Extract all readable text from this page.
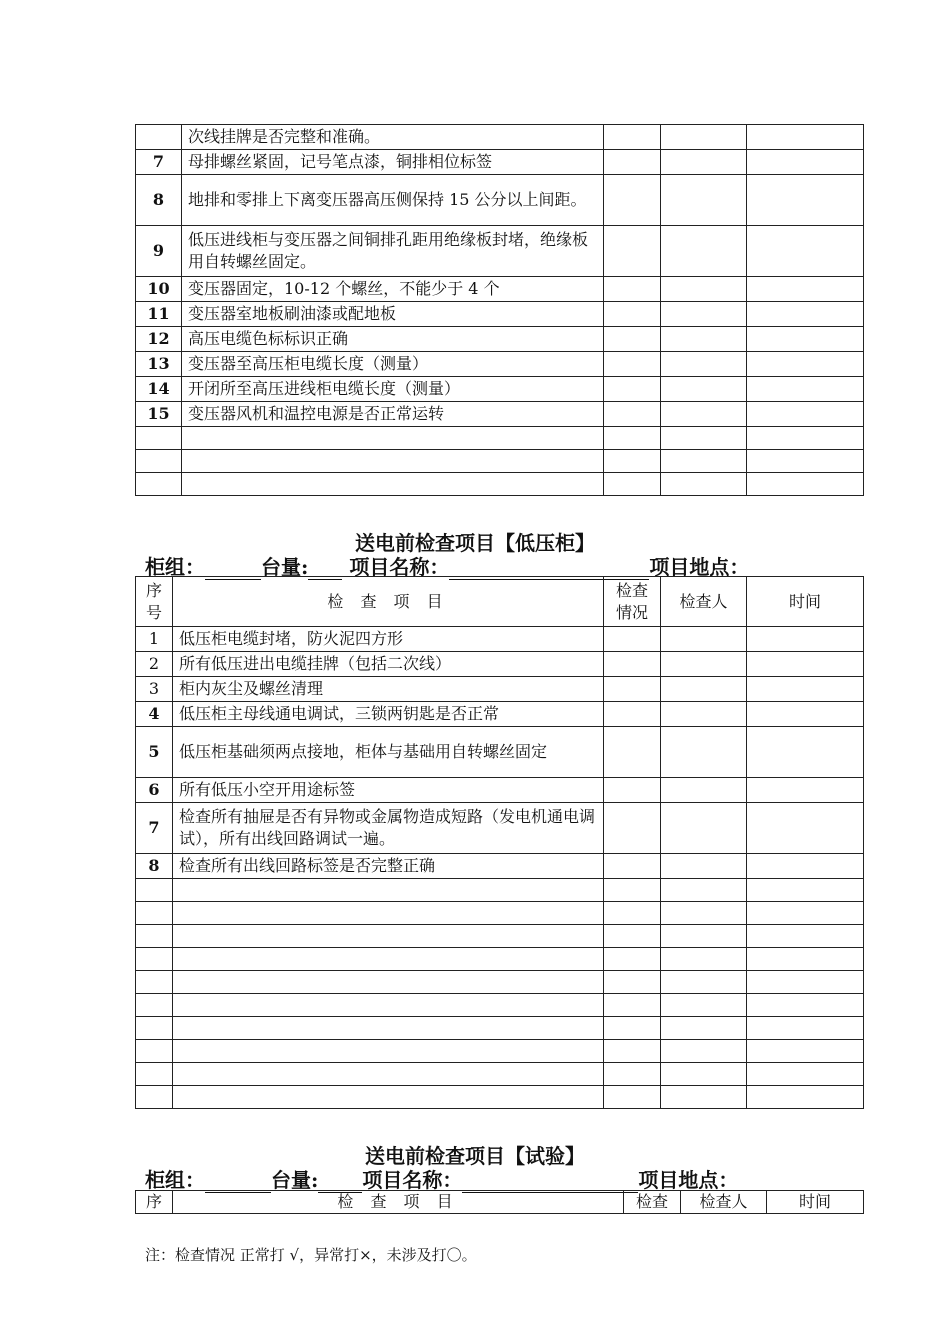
	次线挂牌是否完整和准确。			
7	母排螺丝紧固，记号笔点漆，铜排相位标签			
8	地排和零排上下离变压器高压侧保持 15 公分以上间距。			
9	低压进线柜与变压器之间铜排孔距用绝缘板封堵，绝缘板用自转螺丝固定。			
10	变压器固定，10-12 个螺丝，不能少于 4 个			
11	变压器室地板刷油漆或配地板			
12	高压电缆色标标识正确			
13	变压器至高压柜电缆长度（测量）			
14	开闭所至高压进线柜电缆长度（测量）			
15	变压器风机和温控电源是否正常运转			

送电前检查项目【低压柜】
柜组：	台量: 项目名称：	项目地点：
序号	检 查 项 目	检查情况	检查人	时间
1	低压柜电缆封堵，防火泥四方形			
2	所有低压进出电缆挂牌（包括二次线）			
3	柜内灰尘及螺丝清理			
4	低压柜主母线通电调试，三锁两钥匙是否正常			
5	低压柜基础须两点接地，柜体与基础用自转螺丝固定			
6	所有低压小空开用途标签			
7	检查所有抽屉是否有异物或金属物造成短路（发电机通电调试），所有出线回路调试一遍。			
8	检查所有出线回路标签是否完整正确			

送电前检查项目【试验】
柜组：	台量: 项目名称：	项目地点：
序	检 查 项 目	检查	检查人	时间
注：检查情况 正常打 √，异常打×，未涉及打〇。
